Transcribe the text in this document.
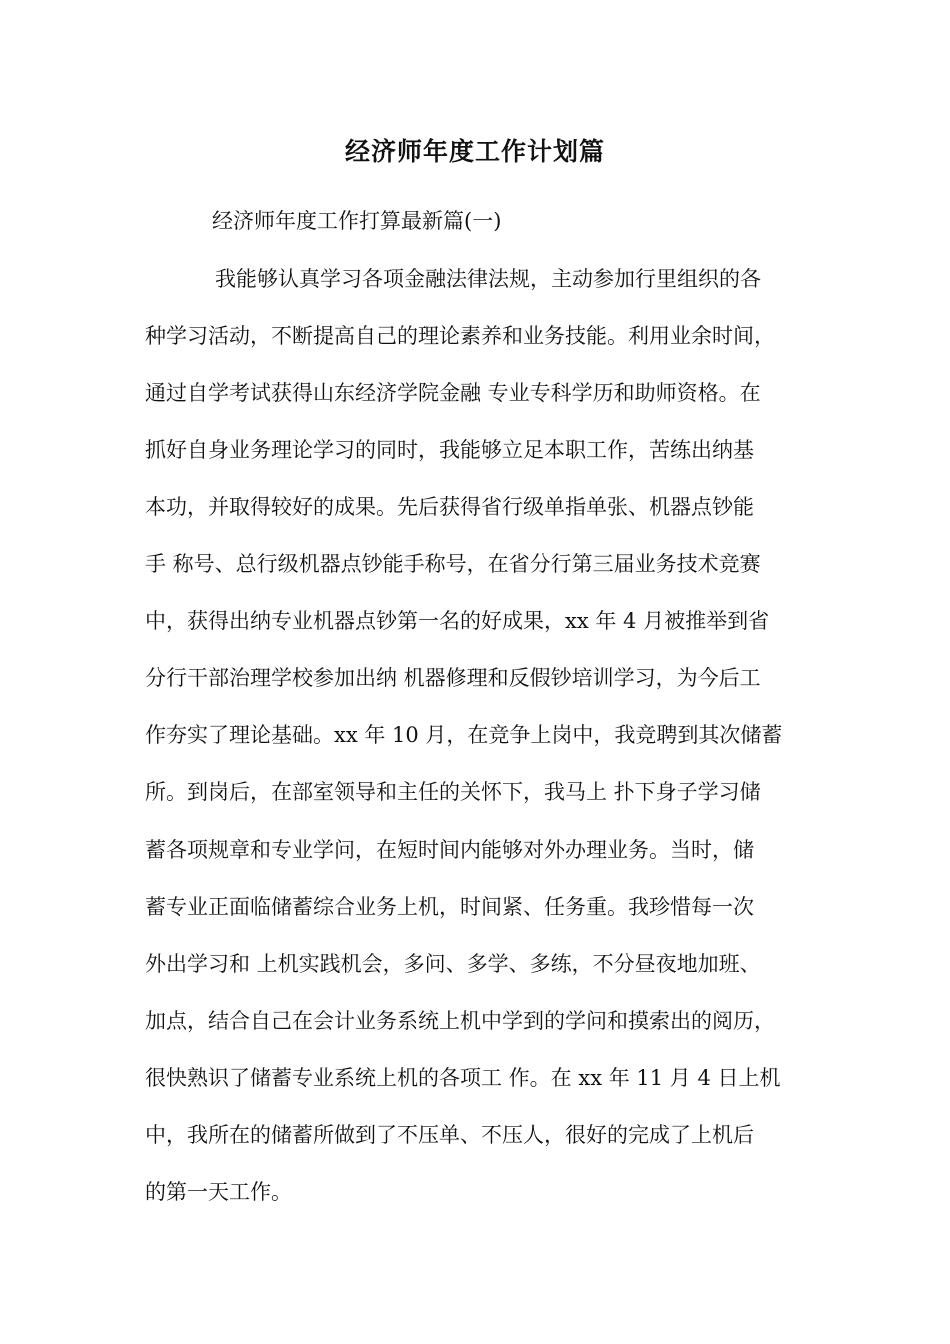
经济师年度工作计划篇

经济师年度工作打算最新篇(一)

我能够认真学习各项金融法律法规，主动参加行里组织的各

种学习活动，不断提高自己的理论素养和业务技能。利用业余时间，

通过自学考试获得山东经济学院金融 专业专科学历和助师资格。在

抓好自身业务理论学习的同时，我能够立足本职工作，苦练出纳基

本功，并取得较好的成果。先后获得省行级单指单张、机器点钞能

手 称号、总行级机器点钞能手称号，在省分行第三届业务技术竞赛

中，获得出纳专业机器点钞第一名的好成果，xx 年 4 月被推举到省

分行干部治理学校参加出纳 机器修理和反假钞培训学习，为今后工

作夯实了理论基础。xx 年 10 月，在竞争上岗中，我竞聘到其次储蓄

所。到岗后，在部室领导和主任的关怀下，我马上 扑下身子学习储

蓄各项规章和专业学问，在短时间内能够对外办理业务。当时，储

蓄专业正面临储蓄综合业务上机，时间紧、任务重。我珍惜每一次

外出学习和 上机实践机会，多问、多学、多练，不分昼夜地加班、

加点，结合自己在会计业务系统上机中学到的学问和摸索出的阅历，

很快熟识了储蓄专业系统上机的各项工 作。在 xx 年 11 月 4 日上机

中，我所在的储蓄所做到了不压单、不压人，很好的完成了上机后

的第一天工作。
